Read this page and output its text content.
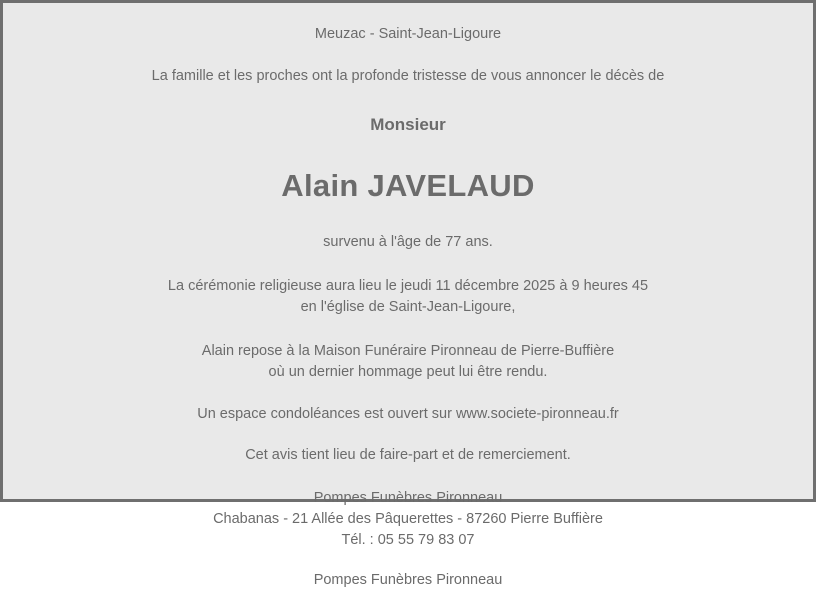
Meuzac - Saint-Jean-Ligoure

La famille et les proches ont la profonde tristesse de vous annoncer le décès de

Monsieur

Alain JAVELAUD

survenu à l'âge de 77 ans.

La cérémonie religieuse aura lieu le jeudi 11 décembre 2025 à 9 heures 45
en l'église de Saint-Jean-Ligoure,
Alain repose à la Maison Funéraire Pironneau de Pierre-Buffière
où un dernier hommage peut lui être rendu.

Un espace condoléances est ouvert sur www.societe-pironneau.fr

Cet avis tient lieu de faire-part et de remerciement.

Pompes Funèbres Pironneau
Chabanas - 21 Allée des Pâquerettes - 87260 Pierre Buffière
Tél. : 05 55 79 83 07

Pompes Funèbres Pironneau
